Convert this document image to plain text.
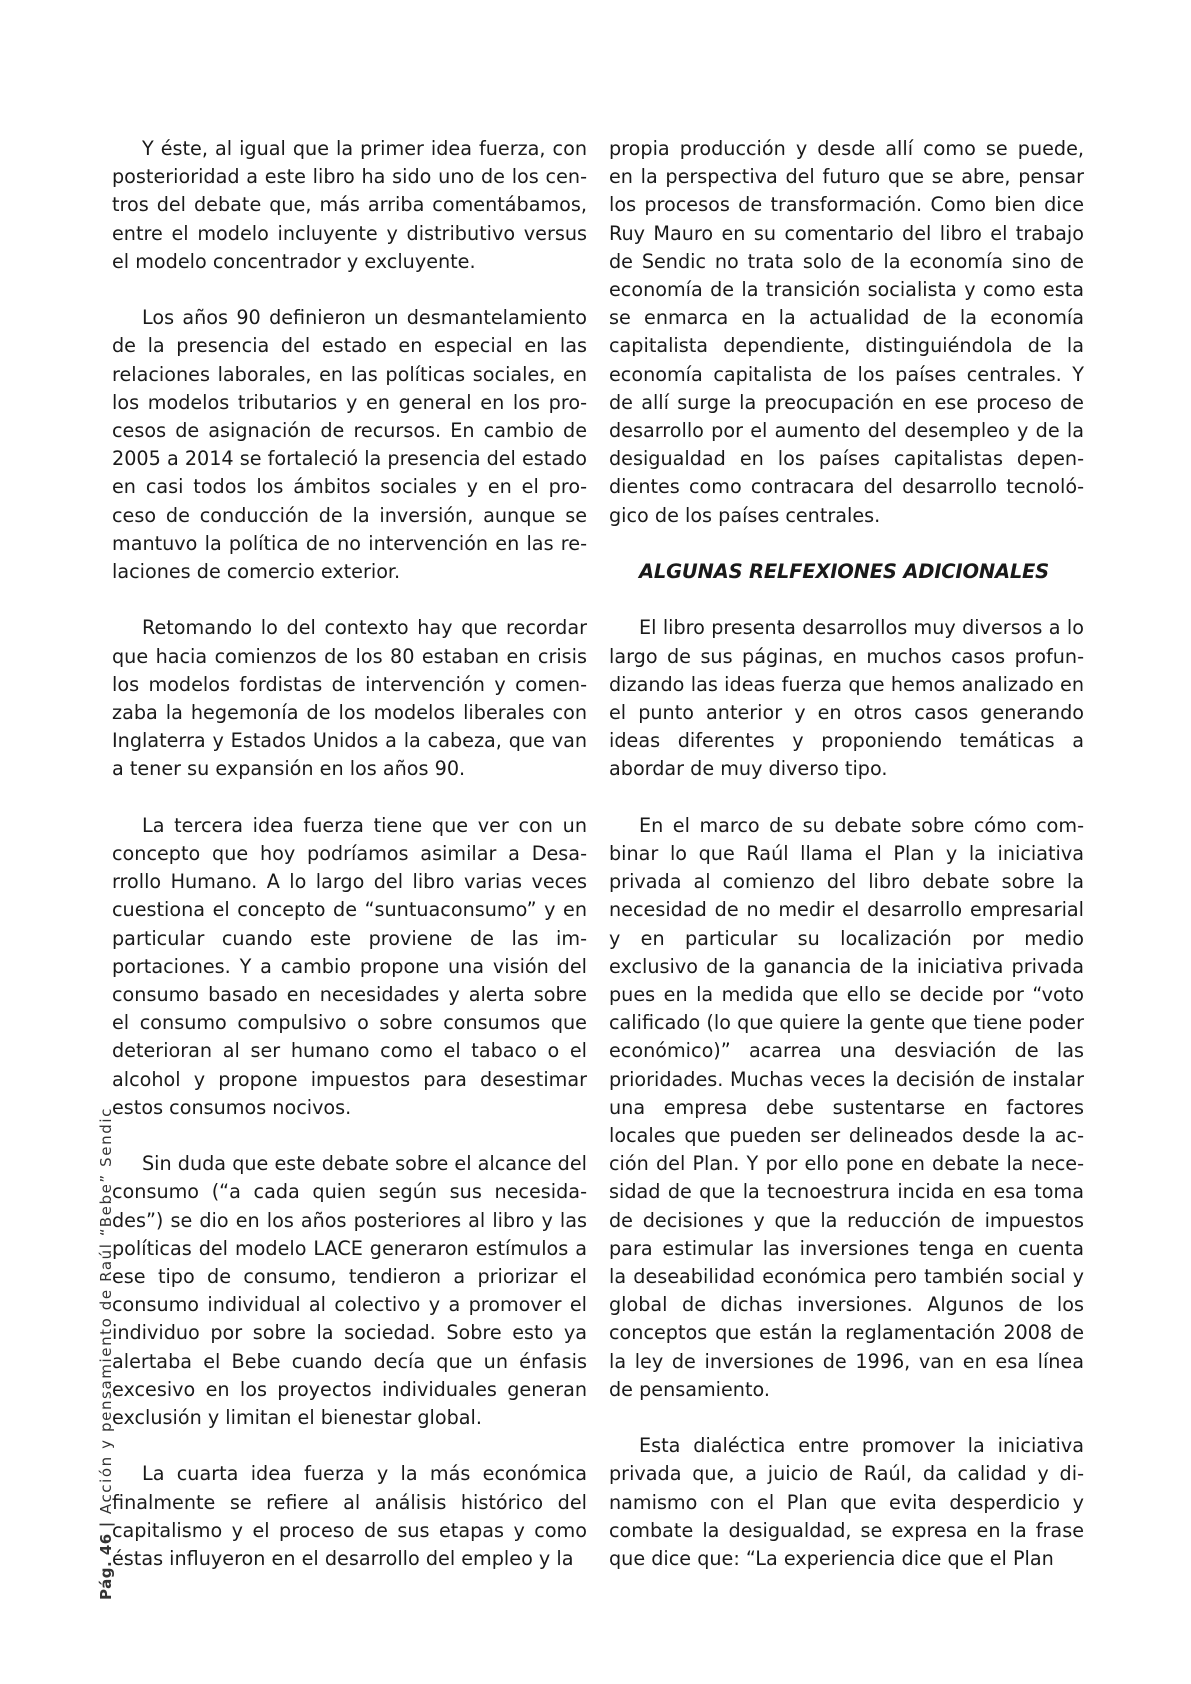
Y éste, al igual que la primer idea fuerza, con posterioridad a este libro ha sido uno de los centros del debate que, más arriba comentábamos, entre el modelo incluyente y distributivo versus el modelo concentrador y excluyente.

Los años 90 definieron un desmantelamiento de la presencia del estado en especial en las relaciones laborales, en las políticas sociales, en los modelos tributarios y en general en los procesos de asignación de recursos. En cambio de 2005 a 2014 se fortaleció la presencia del estado en casi todos los ámbitos sociales y en el proceso de conducción de la inversión, aunque se mantuvo la política de no intervención en las relaciones de comercio exterior.

Retomando lo del contexto hay que recordar que hacia comienzos de los 80 estaban en crisis los modelos fordistas de intervención y comenzaba la hegemonía de los modelos liberales con Inglaterra y Estados Unidos a la cabeza, que van a tener su expansión en los años 90.

La tercera idea fuerza tiene que ver con un concepto que hoy podríamos asimilar a Desarrollo Humano. A lo largo del libro varias veces cuestiona el concepto de “suntuaconsumo” y en particular cuando este proviene de las importaciones. Y a cambio propone una visión del consumo basado en necesidades y alerta sobre el consumo compulsivo o sobre consumos que deterioran al ser humano como el tabaco o el alcohol y propone impuestos para desestimar estos consumos nocivos.

Sin duda que este debate sobre el alcance del consumo (“a cada quien según sus necesidades”) se dio en los años posteriores al libro y las políticas del modelo LACE generaron estímulos a ese tipo de consumo, tendieron a priorizar el consumo individual al colectivo y a promover el individuo por sobre la sociedad. Sobre esto ya alertaba el Bebe cuando decía que un énfasis excesivo en los proyectos individuales generan exclusión y limitan el bienestar global.

La cuarta idea fuerza y la más económica finalmente se refiere al análisis histórico del capitalismo y el proceso de sus etapas y como éstas influyeron en el desarrollo del empleo y la

propia producción y desde allí como se puede, en la perspectiva del futuro que se abre, pensar los procesos de transformación. Como bien dice Ruy Mauro en su comentario del libro el trabajo de Sendic no trata solo de la economía sino de economía de la transición socialista y como esta se enmarca en la actualidad de la economía capitalista dependiente, distinguiéndola de la economía capitalista de los países centrales. Y de allí surge la preocupación en ese proceso de desarrollo por el aumento del desempleo y de la desigualdad en los países capitalistas dependientes como contracara del desarrollo tecnológico de los países centrales.

ALGUNAS RELFEXIONES ADICIONALES

El libro presenta desarrollos muy diversos a lo largo de sus páginas, en muchos casos profundizando las ideas fuerza que hemos analizado en el punto anterior y en otros casos generando ideas diferentes y proponiendo temáticas a abordar de muy diverso tipo.

En el marco de su debate sobre cómo combinar lo que Raúl llama el Plan y la iniciativa privada al comienzo del libro debate sobre la necesidad de no medir el desarrollo empresarial y en particular su localización por medio exclusivo de la ganancia de la iniciativa privada pues en la medida que ello se decide por “voto calificado (lo que quiere la gente que tiene poder económico)” acarrea una desviación de las prioridades. Muchas veces la decisión de instalar una empresa debe sustentarse en factores locales que pueden ser delineados desde la acción del Plan. Y por ello pone en debate la necesidad de que la tecnoestrura incida en esa toma de decisiones y que la reducción de impuestos para estimular las inversiones tenga en cuenta la deseabilidad económica pero también social y global de dichas inversiones. Algunos de los conceptos que están la reglamentación 2008 de la ley de inversiones de 1996, van en esa línea de pensamiento.

Esta dialéctica entre promover la iniciativa privada que, a juicio de Raúl, da calidad y dinamismo con el Plan que evita desperdicio y combate la desigualdad, se expresa en la frase que dice que: “La experiencia dice que el Plan

Pág. 46|Acción y pensamiento de Raúl “Bebe” Sendic
